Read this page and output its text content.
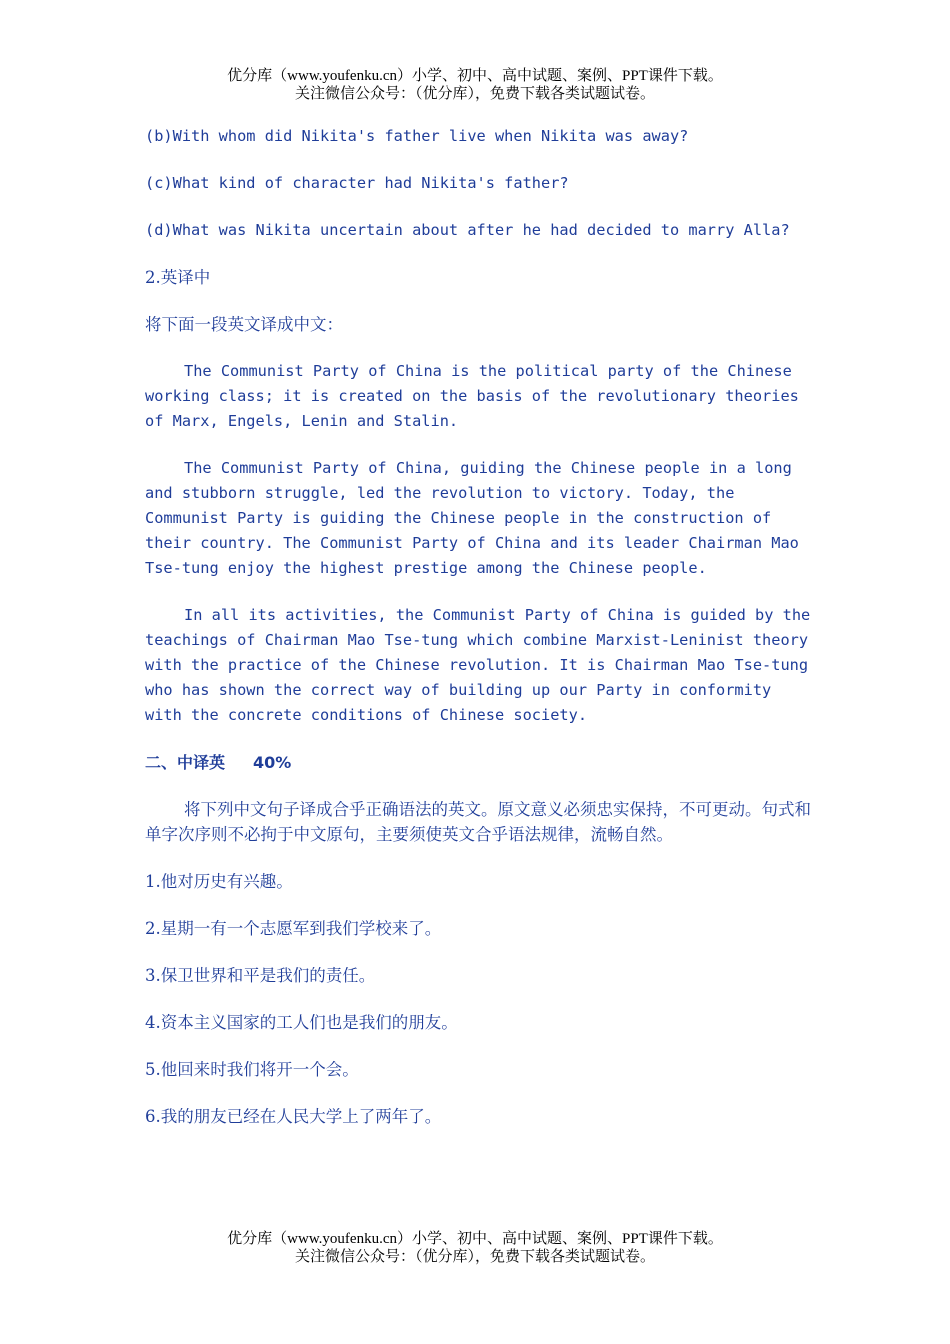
优分库（www.youfenku.cn）小学、初中、高中试题、案例、PPT课件下载。
关注微信公众号：（优分库），免费下载各类试题试卷。

(b)With whom did Nikita's father live when Nikita was away?

(c)What kind of character had Nikita's father?

(d)What was Nikita uncertain about after he had decided to marry Alla?

2.英译中

将下面一段英文译成中文：

The Communist Party of China is the political party of the Chinese working class; it is created on the basis of the revolutionary theories of Marx, Engels, Lenin and Stalin.

The Communist Party of China, guiding the Chinese people in a long and stubborn struggle, led the revolution to victory. Today, the Communist Party is guiding the Chinese people in the construction of their country. The Communist Party of China and its leader Chairman Mao Tse-tung enjoy the highest prestige among the Chinese people.

In all its activities, the Communist Party of China is guided by the teachings of Chairman Mao Tse-tung which combine Marxist-Leninist theory with the practice of the Chinese revolution. It is Chairman Mao Tse-tung who has shown the correct way of building up our Party in conformity with the concrete conditions of Chinese society.

二、中译英 40%

将下列中文句子译成合乎正确语法的英文。原文意义必须忠实保持，不可更动。句式和单字次序则不必拘于中文原句，主要须使英文合乎语法规律，流畅自然。

1.他对历史有兴趣。

2.星期一有一个志愿军到我们学校来了。

3.保卫世界和平是我们的责任。

4.资本主义国家的工人们也是我们的朋友。

5.他回来时我们将开一个会。

6.我的朋友已经在人民大学上了两年了。

优分库（www.youfenku.cn）小学、初中、高中试题、案例、PPT课件下载。
关注微信公众号：（优分库），免费下载各类试题试卷。
